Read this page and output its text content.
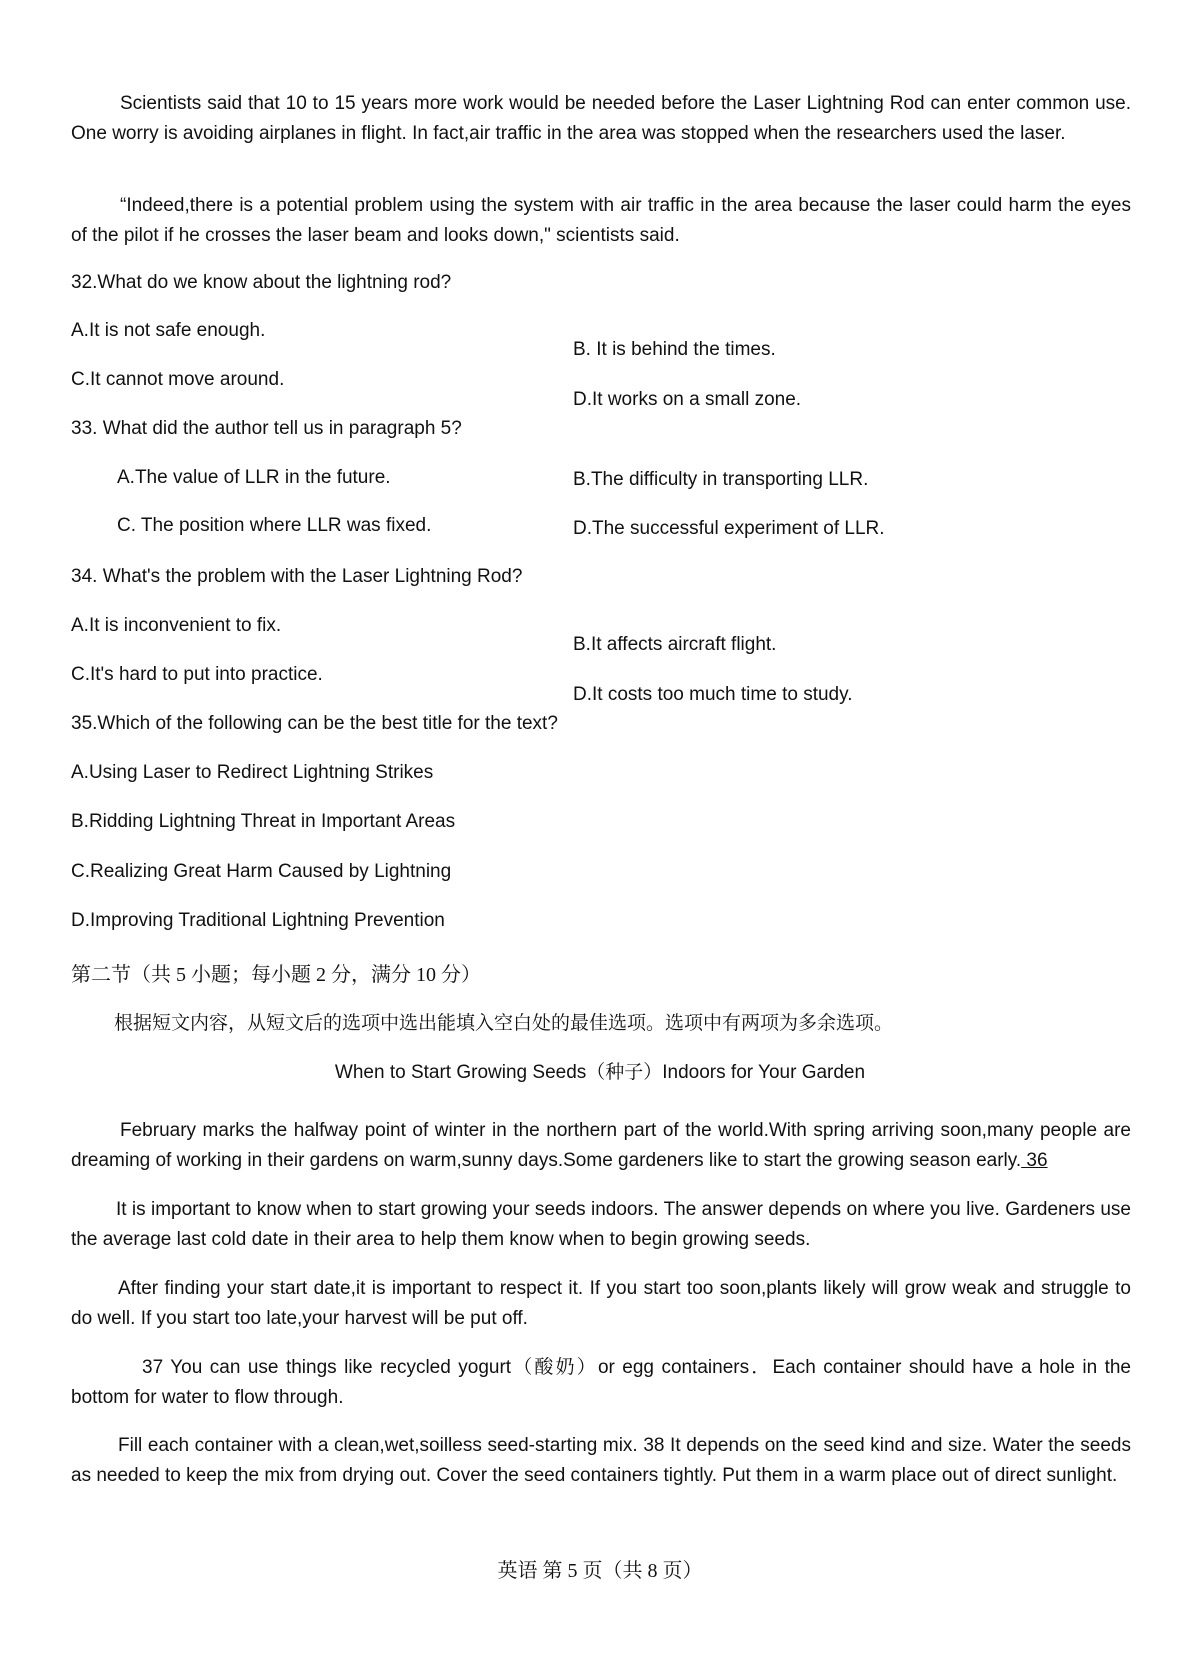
Scientists said that 10 to 15 years more work would be needed before the Laser Lightning Rod can enter common use. One worry is avoiding airplanes in flight. In fact,air traffic in the area was stopped when the researchers used the laser.
“Indeed,there is a potential problem using the system with air traffic in the area because the laser could harm the eyes of the pilot if he crosses the laser beam and looks down," scientists said.
32.What do we know about the lightning rod?
A.It is not safe enough.
B. It is behind the times.
C.It cannot move around.
D.It works on a small zone.
33. What did the author tell us in paragraph 5?
A.The value of LLR in the future.	B.The difficulty in transporting LLR.
C. The position where LLR was fixed.	D.The successful experiment of LLR.
34. What's the problem with the Laser Lightning Rod?
A.It is inconvenient to fix.
B.It affects aircraft flight.
C.It's hard to put into practice.
D.It costs too much time to study.
35.Which of the following can be the best title for the text?
A.Using Laser to Redirect Lightning Strikes
B.Ridding Lightning Threat in Important Areas
C.Realizing Great Harm Caused by Lightning
D.Improving Traditional Lightning Prevention
第二节（共 5 小题；每小题 2 分，满分 10 分）
根据短文内容，从短文后的选项中选出能填入空白处的最佳选项。选项中有两项为多余选项。
When to Start Growing Seeds（种子）Indoors for Your Garden
February marks the halfway point of winter in the northern part of the world.With spring arriving soon,many people are dreaming of working in their gardens on warm,sunny days.Some gardeners like to start the growing season early. 36
It is important to know when to start growing your seeds indoors. The answer depends on where you live. Gardeners use the average last cold date in their area to help them know when to begin growing seeds.
After finding your start date,it is important to respect it. If you start too soon,plants likely will grow weak and struggle to do well. If you start too late,your harvest will be put off.
37 You can use things like recycled yogurt（酸奶）or egg containers．Each container should have a hole in the bottom for water to flow through.
Fill each container with a clean,wet,soilless seed-starting mix. 38 It depends on the seed kind and size. Water the seeds as needed to keep the mix from drying out. Cover the seed containers tightly. Put them in a warm place out of direct sunlight.
英语 第 5 页（共 8 页）
